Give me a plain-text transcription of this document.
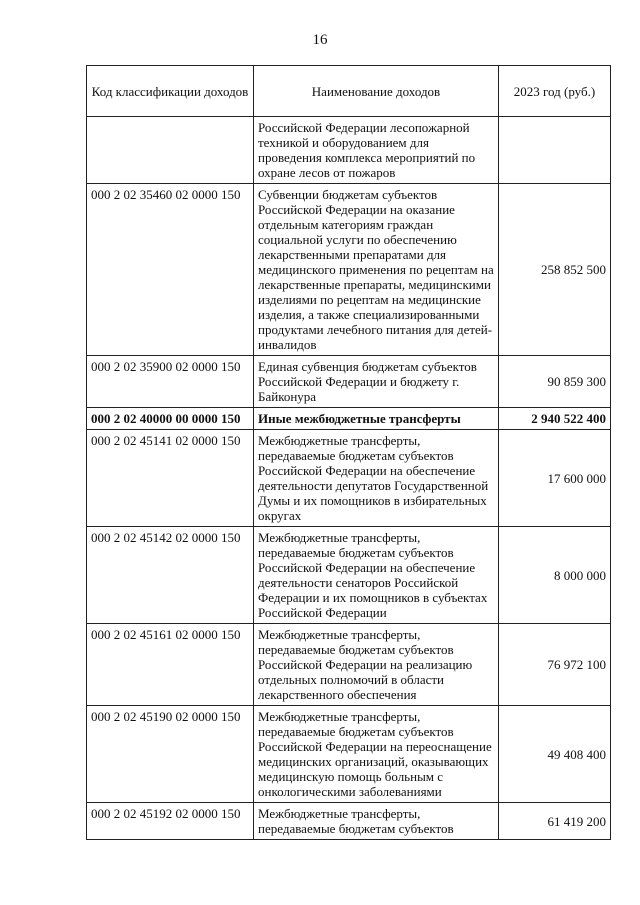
16
Код классификации доходов	Наименование доходов	2023 год (руб.)
	Российской Федерации лесопожарной техникой и оборудованием для проведения комплекса мероприятий по охране лесов от пожаров	
000 2 02 35460 02 0000 150	Субвенции бюджетам субъектов Российской Федерации на оказание отдельным категориям граждан социальной услуги по обеспечению лекарственными препаратами для медицинского применения по рецептам на лекарственные препараты, медицинскими изделиями по рецептам на медицинские изделия, а также специализированными продуктами лечебного питания для детей-инвалидов	258 852 500
000 2 02 35900 02 0000 150	Единая субвенция бюджетам субъектов Российской Федерации и бюджету г. Байконура	90 859 300
000 2 02 40000 00 0000 150	Иные межбюджетные трансферты	2 940 522 400
000 2 02 45141 02 0000 150	Межбюджетные трансферты, передаваемые бюджетам субъектов Российской Федерации на обеспечение деятельности депутатов Государственной Думы и их помощников в избирательных округах	17 600 000
000 2 02 45142 02 0000 150	Межбюджетные трансферты, передаваемые бюджетам субъектов Российской Федерации на обеспечение деятельности сенаторов Российской Федерации и их помощников в субъектах Российской Федерации	8 000 000
000 2 02 45161 02 0000 150	Межбюджетные трансферты, передаваемые бюджетам субъектов Российской Федерации на реализацию отдельных полномочий в области лекарственного обеспечения	76 972 100
000 2 02 45190 02 0000 150	Межбюджетные трансферты, передаваемые бюджетам субъектов Российской Федерации на переоснащение медицинских организаций, оказывающих медицинскую помощь больным с онкологическими заболеваниями	49 408 400
000 2 02 45192 02 0000 150	Межбюджетные трансферты, передаваемые бюджетам субъектов	61 419 200
